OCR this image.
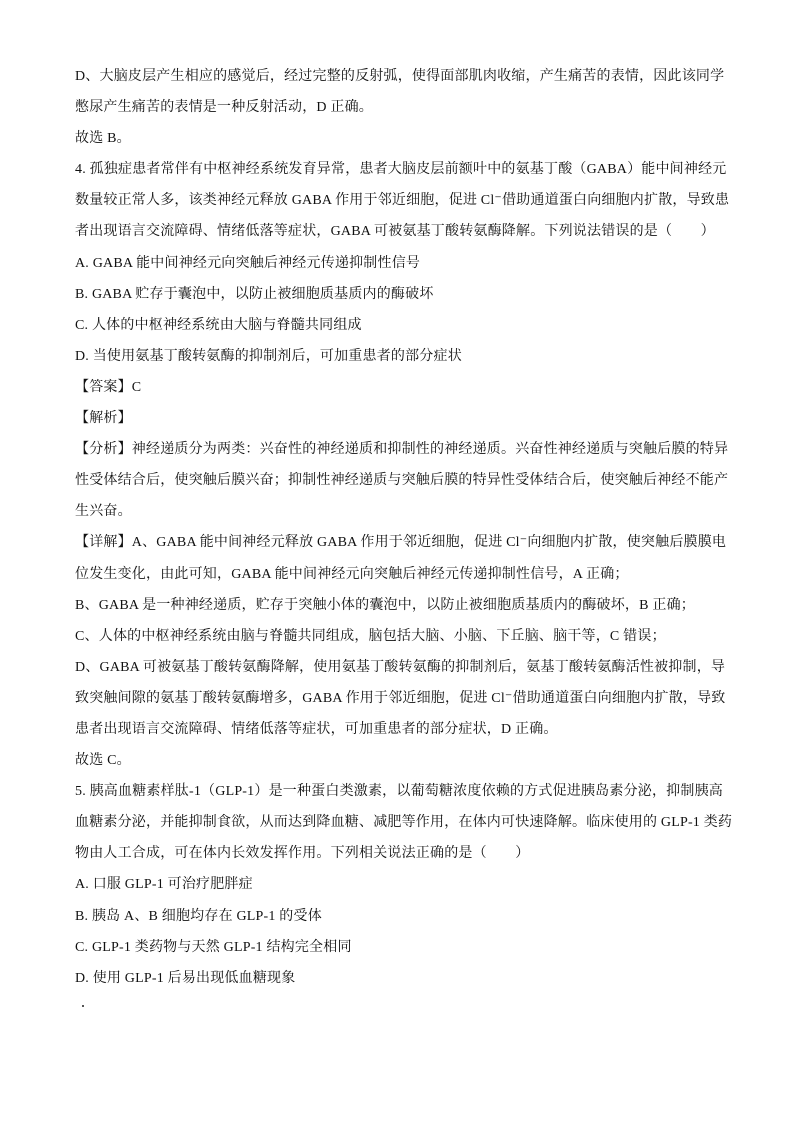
D、大脑皮层产生相应的感觉后，经过完整的反射弧，使得面部肌肉收缩，产生痛苦的表情，因此该同学
憋尿产生痛苦的表情是一种反射活动，D 正确。
故选 B。
4. 孤独症患者常伴有中枢神经系统发育异常，患者大脑皮层前额叶中的氨基丁酸（GABA）能中间神经元
数量较正常人多，该类神经元释放 GABA 作用于邻近细胞，促进 Cl⁻借助通道蛋白向细胞内扩散，导致患
者出现语言交流障碍、情绪低落等症状，GABA 可被氨基丁酸转氨酶降解。下列说法错误的是（　　）
A. GABA 能中间神经元向突触后神经元传递抑制性信号
B. GABA 贮存于囊泡中，以防止被细胞质基质内的酶破坏
C. 人体的中枢神经系统由大脑与脊髓共同组成
D. 当使用氨基丁酸转氨酶的抑制剂后，可加重患者的部分症状
【答案】C
【解析】
【分析】神经递质分为两类：兴奋性的神经递质和抑制性的神经递质。兴奋性神经递质与突触后膜的特异
性受体结合后，使突触后膜兴奋；抑制性神经递质与突触后膜的特异性受体结合后，使突触后神经不能产
生兴奋。
【详解】A、GABA 能中间神经元释放 GABA 作用于邻近细胞，促进 Cl⁻向细胞内扩散，使突触后膜膜电
位发生变化，由此可知，GABA 能中间神经元向突触后神经元传递抑制性信号，A 正确；
B、GABA 是一种神经递质，贮存于突触小体的囊泡中，以防止被细胞质基质内的酶破坏，B 正确；
C、人体的中枢神经系统由脑与脊髓共同组成，脑包括大脑、小脑、下丘脑、脑干等，C 错误；
D、GABA 可被氨基丁酸转氨酶降解，使用氨基丁酸转氨酶的抑制剂后，氨基丁酸转氨酶活性被抑制，导
致突触间隙的氨基丁酸转氨酶增多，GABA 作用于邻近细胞，促进 Cl⁻借助通道蛋白向细胞内扩散，导致
患者出现语言交流障碍、情绪低落等症状，可加重患者的部分症状，D 正确。
故选 C。
5. 胰高血糖素样肽-1（GLP-1）是一种蛋白类激素，以葡萄糖浓度依赖的方式促进胰岛素分泌，抑制胰高
血糖素分泌，并能抑制食欲，从而达到降血糖、减肥等作用，在体内可快速降解。临床使用的 GLP-1 类药
物由人工合成，可在体内长效发挥作用。下列相关说法正确的是（　　）
A. 口服 GLP-1 可治疗肥胖症
B. 胰岛 A、B 细胞均存在 GLP-1 的受体
C. GLP-1 类药物与天然 GLP-1 结构完全相同
D. 使用 GLP-1 后易出现低血糖现象
